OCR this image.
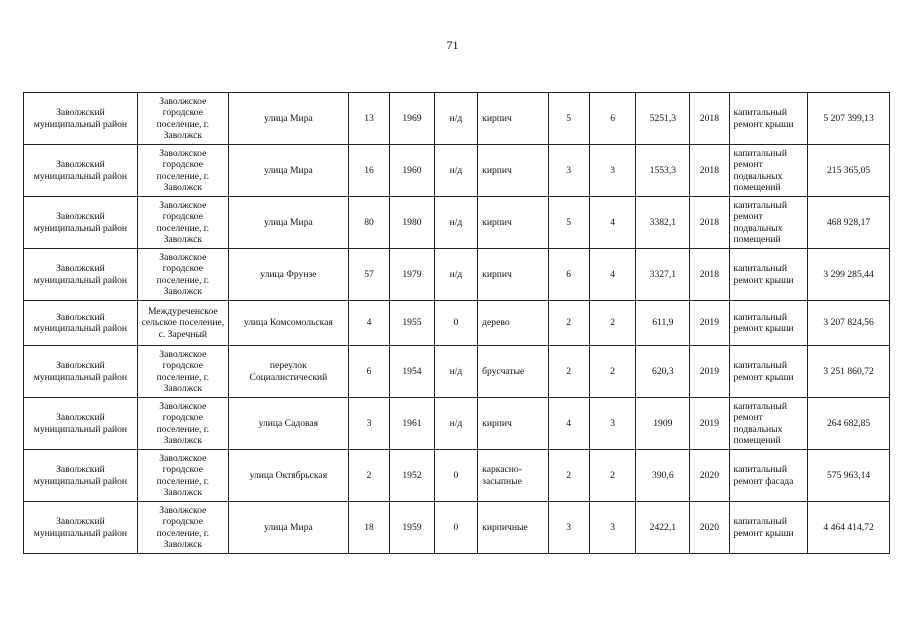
71
Заволжский муниципальный район	Заволжское городское поселение, г. Заволжск	улица Мира	13	1969	н/д	кирпич	5	6	5251,3	2018	капитальный ремонт крыши	5 207 399,13
Заволжский муниципальный район	Заволжское городское поселение, г. Заволжск	улица Мира	16	1960	н/д	кирпич	3	3	1553,3	2018	капитальный ремонт подвальных помещений	215 365,05
Заволжский муниципальный район	Заволжское городское поселение, г. Заволжск	улица Мира	80	1980	н/д	кирпич	5	4	3382,1	2018	капитальный ремонт подвальных помещений	468 928,17
Заволжский муниципальный район	Заволжское городское поселение, г. Заволжск	улица Фрунзе	57	1979	н/д	кирпич	6	4	3327,1	2018	капитальный ремонт крыши	3 299 285,44
Заволжский муниципальный район	Междуреченское сельское поселение, с. Заречный	улица Комсомольская	4	1955	0	дерево	2	2	611,9	2019	капитальный ремонт крыши	3 207 824,56
Заволжский муниципальный район	Заволжское городское поселение, г. Заволжск	переулок Социалистический	6	1954	н/д	брусчатые	2	2	620,3	2019	капитальный ремонт крыши	3 251 860,72
Заволжский муниципальный район	Заволжское городское поселение, г. Заволжск	улица Садовая	3	1961	н/д	кирпич	4	3	1909	2019	капитальный ремонт подвальных помещений	264 682,85
Заволжский муниципальный район	Заволжское городское поселение, г. Заволжск	улица Октябрьская	2	1952	0	каркасно-засыпные	2	2	390,6	2020	капитальный ремонт фасада	575 963,14
Заволжский муниципальный район	Заволжское городское поселение, г. Заволжск	улица Мира	18	1959	0	кирпичные	3	3	2422,1	2020	капитальный ремонт крыши	4 464 414,72
